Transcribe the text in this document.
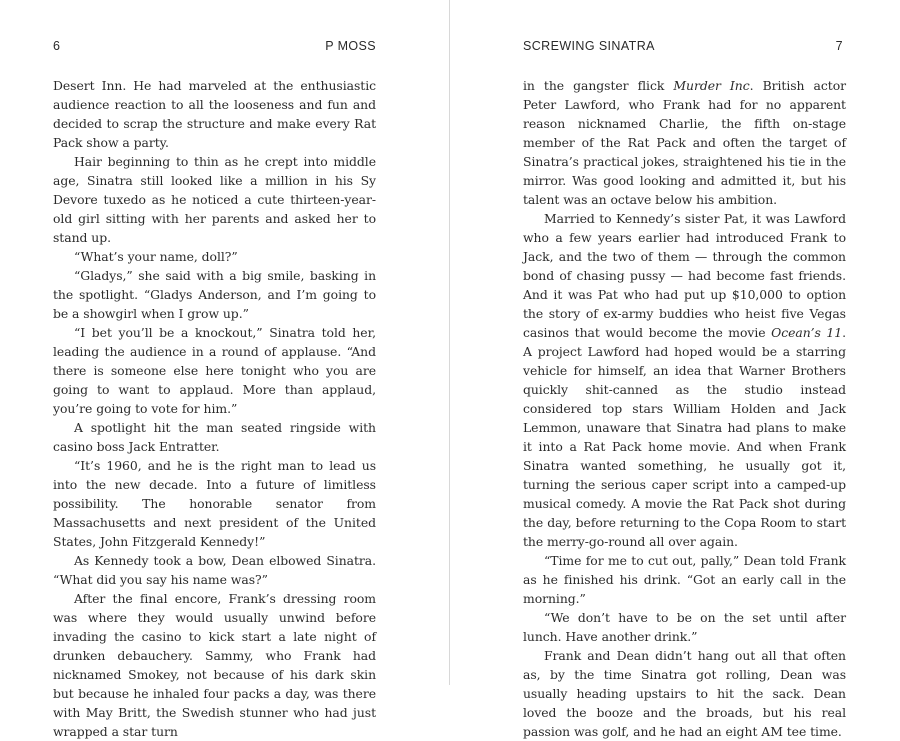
6	P MOSS

Desert Inn. He had marveled at the enthusiastic audience reaction to all the looseness and fun and decided to scrap the structure and make every Rat Pack show a party.

Hair beginning to thin as he crept into middle age, Sinatra still looked like a million in his Sy Devore tuxedo as he noticed a cute thirteen-year-old girl sitting with her parents and asked her to stand up.

“What’s your name, doll?”

“Gladys,” she said with a big smile, basking in the spotlight. “Gladys Anderson, and I’m going to be a showgirl when I grow up.”

“I bet you’ll be a knockout,” Sinatra told her, leading the audience in a round of applause. “And there is someone else here tonight who you are going to want to applaud. More than applaud, you’re going to vote for him.”

A spotlight hit the man seated ringside with casino boss Jack Entratter.

“It’s 1960, and he is the right man to lead us into the new decade. Into a future of limitless possibility. The honorable senator from Massachusetts and next president of the United States, John Fitzgerald Kennedy!”

As Kennedy took a bow, Dean elbowed Sinatra. “What did you say his name was?”

After the final encore, Frank’s dressing room was where they would usually unwind before invading the casino to kick start a late night of drunken debauchery. Sammy, who Frank had nicknamed Smokey, not because of his dark skin but because he inhaled four packs a day, was there with May Britt, the Swedish stunner who had just wrapped a star turn

SCREWING SINATRA	7

in the gangster flick Murder Inc. British actor Peter Lawford, who Frank had for no apparent reason nicknamed Charlie, the fifth on-stage member of the Rat Pack and often the target of Sinatra’s practical jokes, straightened his tie in the mirror. Was good looking and admitted it, but his talent was an octave below his ambition.

Married to Kennedy’s sister Pat, it was Lawford who a few years earlier had introduced Frank to Jack, and the two of them — through the common bond of chasing pussy — had become fast friends. And it was Pat who had put up $10,000 to option the story of ex-army buddies who heist five Vegas casinos that would become the movie Ocean’s 11. A project Lawford had hoped would be a starring vehicle for himself, an idea that Warner Brothers quickly shit-canned as the studio instead considered top stars William Holden and Jack Lemmon, unaware that Sinatra had plans to make it into a Rat Pack home movie. And when Frank Sinatra wanted something, he usually got it, turning the serious caper script into a camped-up musical comedy. A movie the Rat Pack shot during the day, before returning to the Copa Room to start the merry-go-round all over again.

“Time for me to cut out, pally,” Dean told Frank as he finished his drink. “Got an early call in the morning.”

“We don’t have to be on the set until after lunch. Have another drink.”

Frank and Dean didn’t hang out all that often as, by the time Sinatra got rolling, Dean was usually heading upstairs to hit the sack. Dean loved the booze and the broads, but his real passion was golf, and he had an eight AM tee time.
